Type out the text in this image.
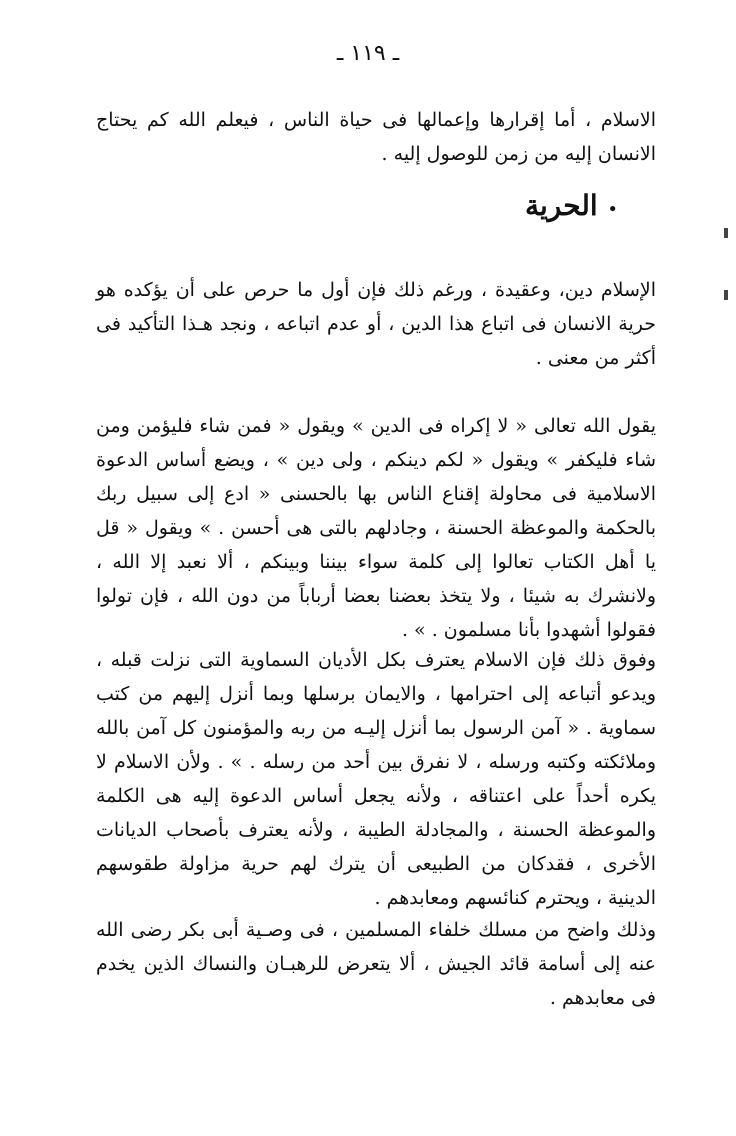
ـ ١١٩ ـ

الاسلام ، أما إقرارها وإعمالها فى حياة الناس ، فيعلم الله كم يحتاج الانسان إليه من زمن للوصول إليه .

• الحرية

الإسلام دين، وعقيدة ، ورغم ذلك فإن أول ما حرص على أن يؤكده هو حرية الانسان فى اتباع هذا الدين ، أو عدم اتباعه ، ونجد هـذا التأكيد فى أكثر من معنى .

يقول الله تعالى « لا إكراه فى الدين » ويقول « فمن شاء فليؤمن ومن شاء فليكفر » ويقول « لكم دينكم ، ولى دين » ، ويضع أساس الدعوة الاسلامية فى محاولة إقناع الناس بها بالحسنى « ادع إلى سبيل ربك بالحكمة والموعظة الحسنة ، وجادلهم بالتى هى أحسن . » ويقول « قل يا أهل الكتاب تعالوا إلى كلمة سواء بيننا وبينكم ، ألا نعبد إلا الله ، ولانشرك به شيئا ، ولا يتخذ بعضنا بعضا أرباباً من دون الله ، فإن تولوا فقولوا أشهدوا بأنا مسلمون . » .

وفوق ذلك فإن الاسلام يعترف بكل الأديان السماوية التى نزلت قبله ، ويدعو أتباعه إلى احترامها ، والايمان برسلها وبما أنزل إليهم من كتب سماوية . « آمن الرسول بما أنزل إليـه من ربه والمؤمنون كل آمن بالله وملائكته وكتبه ورسله ، لا نفرق بين أحد من رسله . » . ولأن الاسلام لا يكره أحداً على اعتناقه ، ولأنه يجعل أساس الدعوة إليه هى الكلمة والموعظة الحسنة ، والمجادلة الطيبة ، ولأنه يعترف بأصحاب الديانات الأخرى ، فقدكان من الطبيعى أن يترك لهم حرية مزاولة طقوسهم الدينية ، ويحترم كنائسهم ومعابدهم .

وذلك واضح من مسلك خلفاء المسلمين ، فى وصـية أبى بكر رضى الله عنه إلى أسامة قائد الجيش ، ألا يتعرض للرهبـان والنساك الذين يخدم فى معابدهم .
